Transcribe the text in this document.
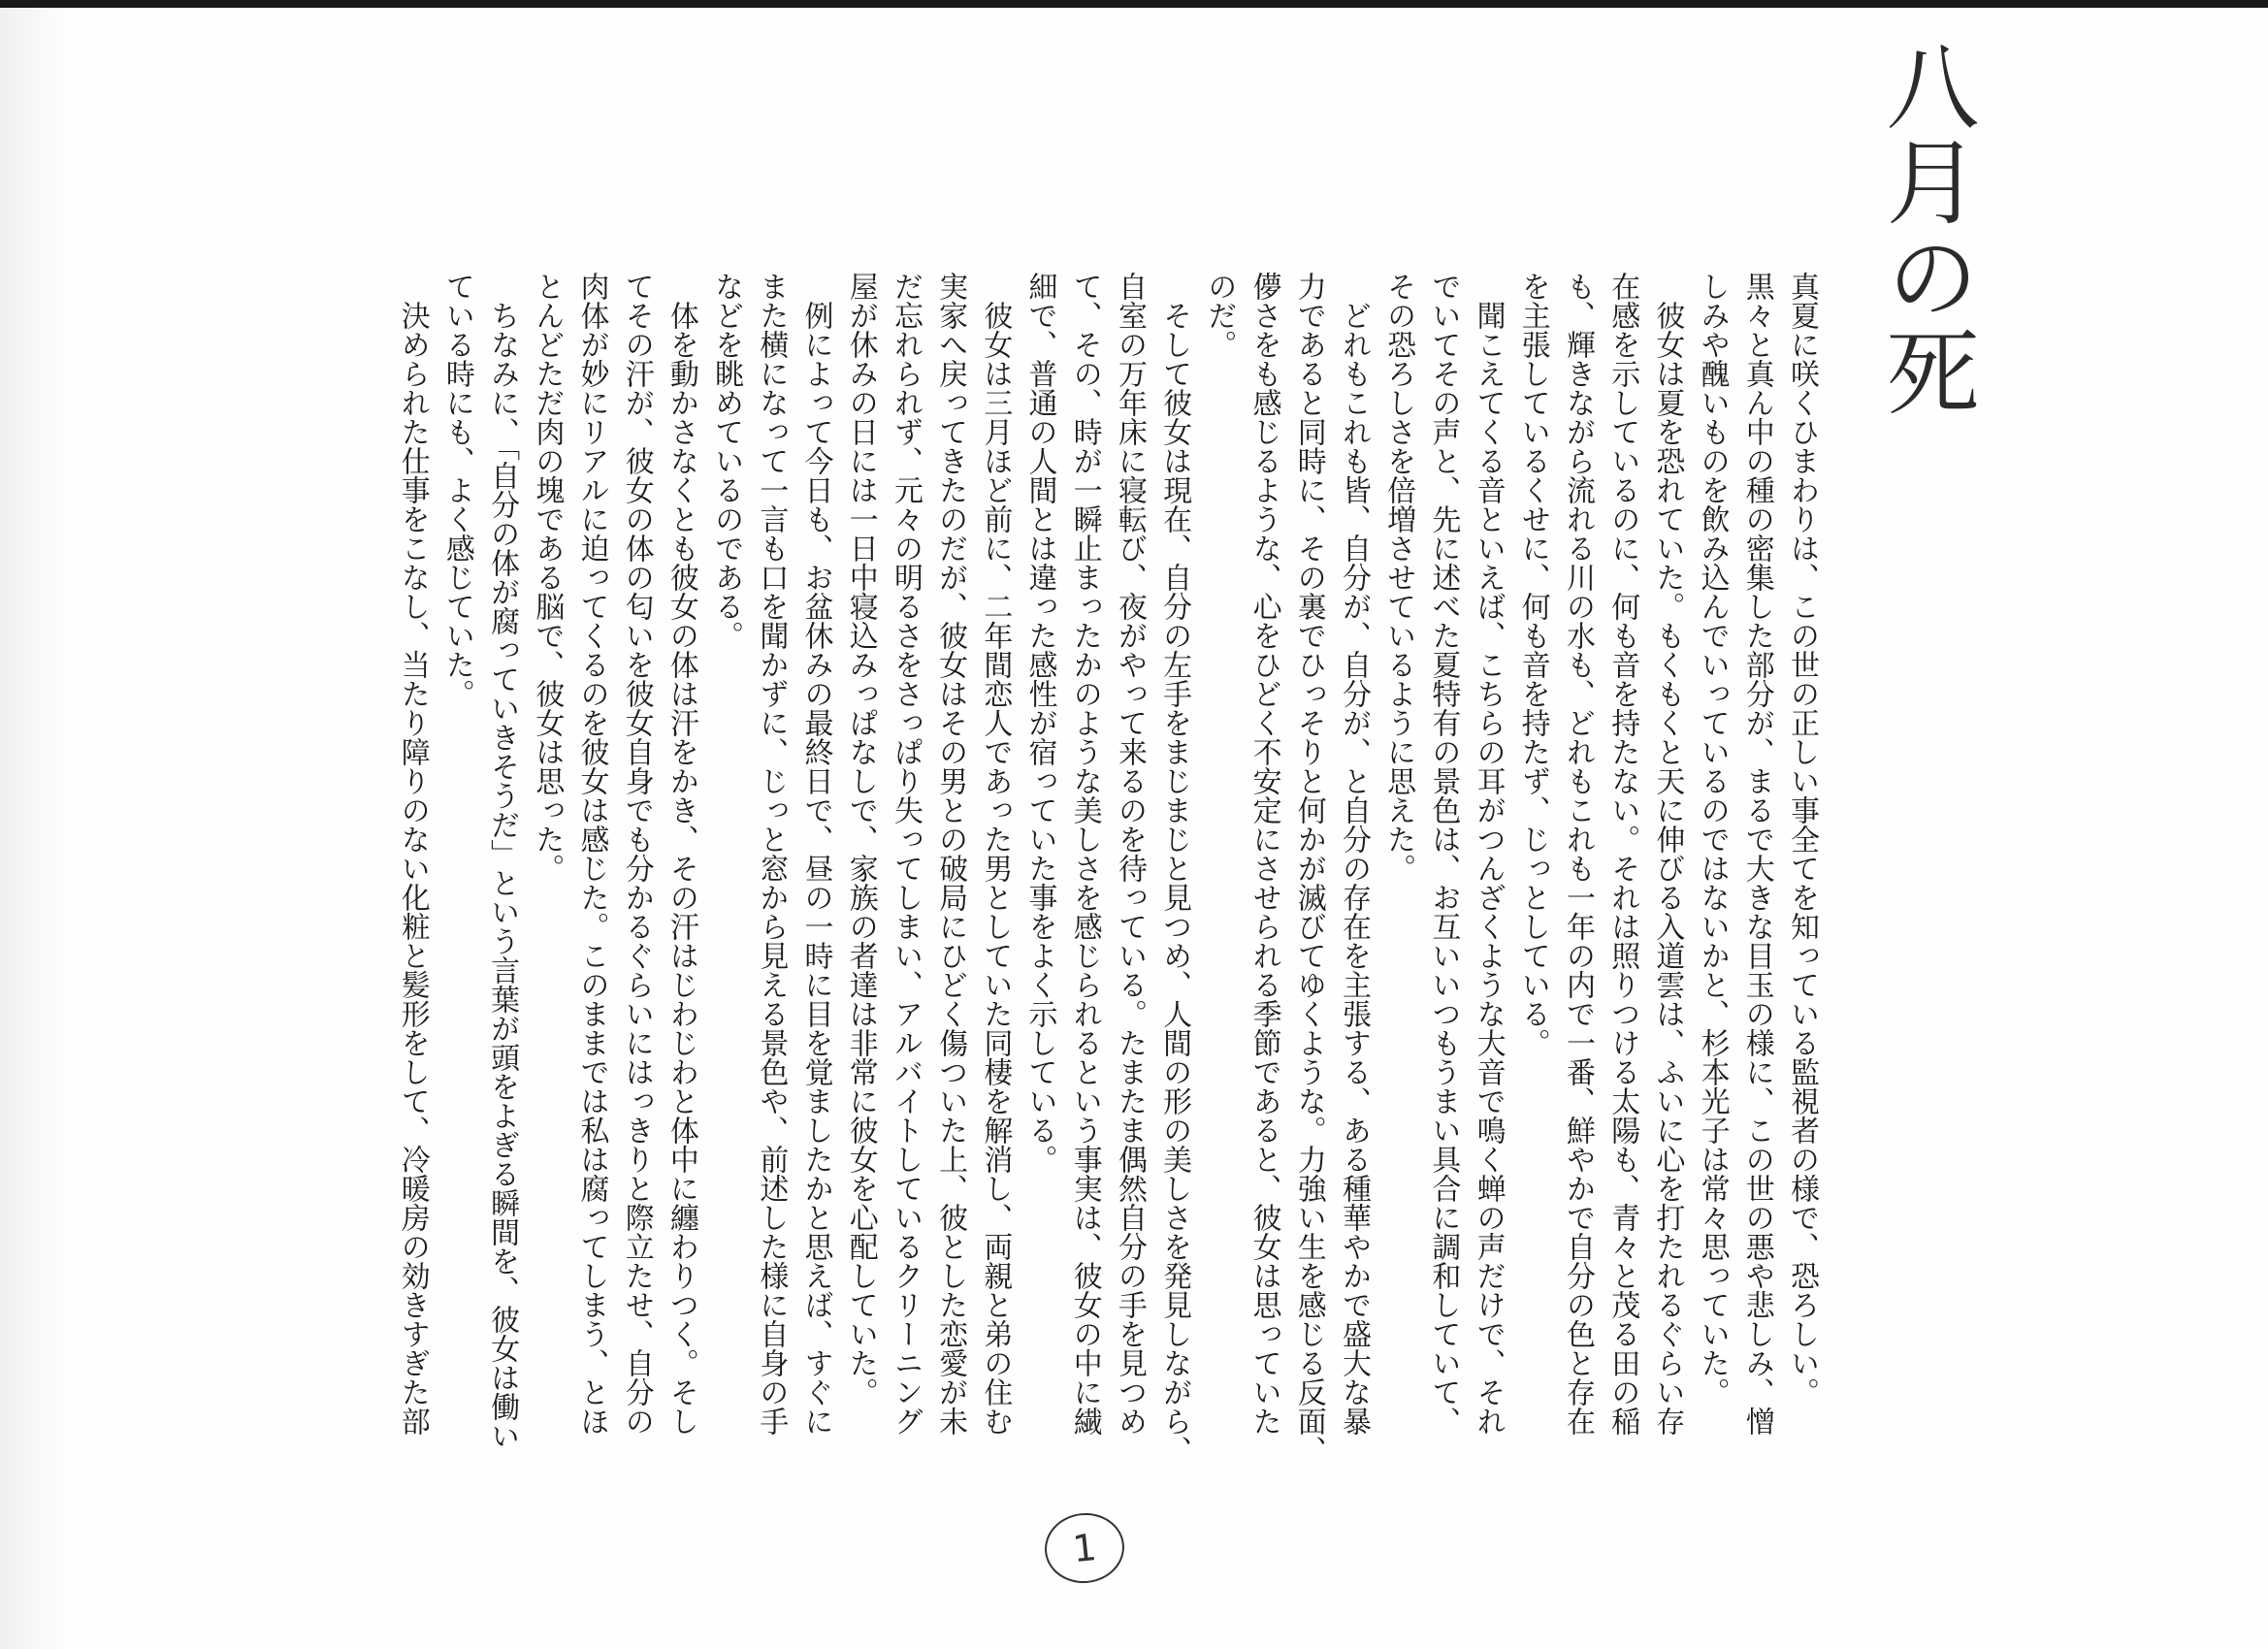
八月の死

真夏に咲くひまわりは、この世の正しい事全てを知っている監視者の様で、恐ろしい。

黒々と真ん中の種の密集した部分が、まるで大きな目玉の様に、この世の悪や悲しみ、憎

しみや醜いものを飲み込んでいっているのではないかと、杉本光子は常々思っていた。

　彼女は夏を恐れていた。もくもくと天に伸びる入道雲は、ふいに心を打たれるぐらい存

在感を示しているのに、何も音を持たない。それは照りつける太陽も、青々と茂る田の稲

も、輝きながら流れる川の水も、どれもこれも一年の内で一番、鮮やかで自分の色と存在

を主張しているくせに、何も音を持たず、じっとしている。

　聞こえてくる音といえば、こちらの耳がつんざくような大音で鳴く蝉の声だけで、それ

でいてその声と、先に述べた夏特有の景色は、お互いいつもうまい具合に調和していて、

その恐ろしさを倍増させているように思えた。

　どれもこれも皆、自分が、自分が、と自分の存在を主張する、ある種華やかで盛大な暴

力であると同時に、その裏でひっそりと何かが滅びてゆくような。力強い生を感じる反面、

儚さをも感じるような、心をひどく不安定にさせられる季節であると、彼女は思っていた

のだ。

　そして彼女は現在、自分の左手をまじまじと見つめ、人間の形の美しさを発見しながら、

自室の万年床に寝転び、夜がやって来るのを待っている。たまたま偶然自分の手を見つめ

て、その、時が一瞬止まったかのような美しさを感じられるという事実は、彼女の中に繊

細で、普通の人間とは違った感性が宿っていた事をよく示している。

　彼女は三月ほど前に、二年間恋人であった男としていた同棲を解消し、両親と弟の住む

実家へ戻ってきたのだが、彼女はその男との破局にひどく傷ついた上、彼とした恋愛が未

だ忘れられず、元々の明るさをさっぱり失ってしまい、アルバイトしているクリーニング

屋が休みの日には一日中寝込みっぱなしで、家族の者達は非常に彼女を心配していた。

　例によって今日も、お盆休みの最終日で、昼の一時に目を覚ましたかと思えば、すぐに

また横になって一言も口を聞かずに、じっと窓から見える景色や、前述した様に自身の手

などを眺めているのである。

　体を動かさなくとも彼女の体は汗をかき、その汗はじわじわと体中に纏わりつく。そし

てその汗が、彼女の体の匂いを彼女自身でも分かるぐらいにはっきりと際立たせ、自分の

肉体が妙にリアルに迫ってくるのを彼女は感じた。このままでは私は腐ってしまう、とほ

とんどただ肉の塊である脳で、彼女は思った。

　ちなみに、「自分の体が腐っていきそうだ」という言葉が頭をよぎる瞬間を、彼女は働い

ている時にも、よく感じていた。

　決められた仕事をこなし、当たり障りのない化粧と髪形をして、冷暖房の効きすぎた部

1
